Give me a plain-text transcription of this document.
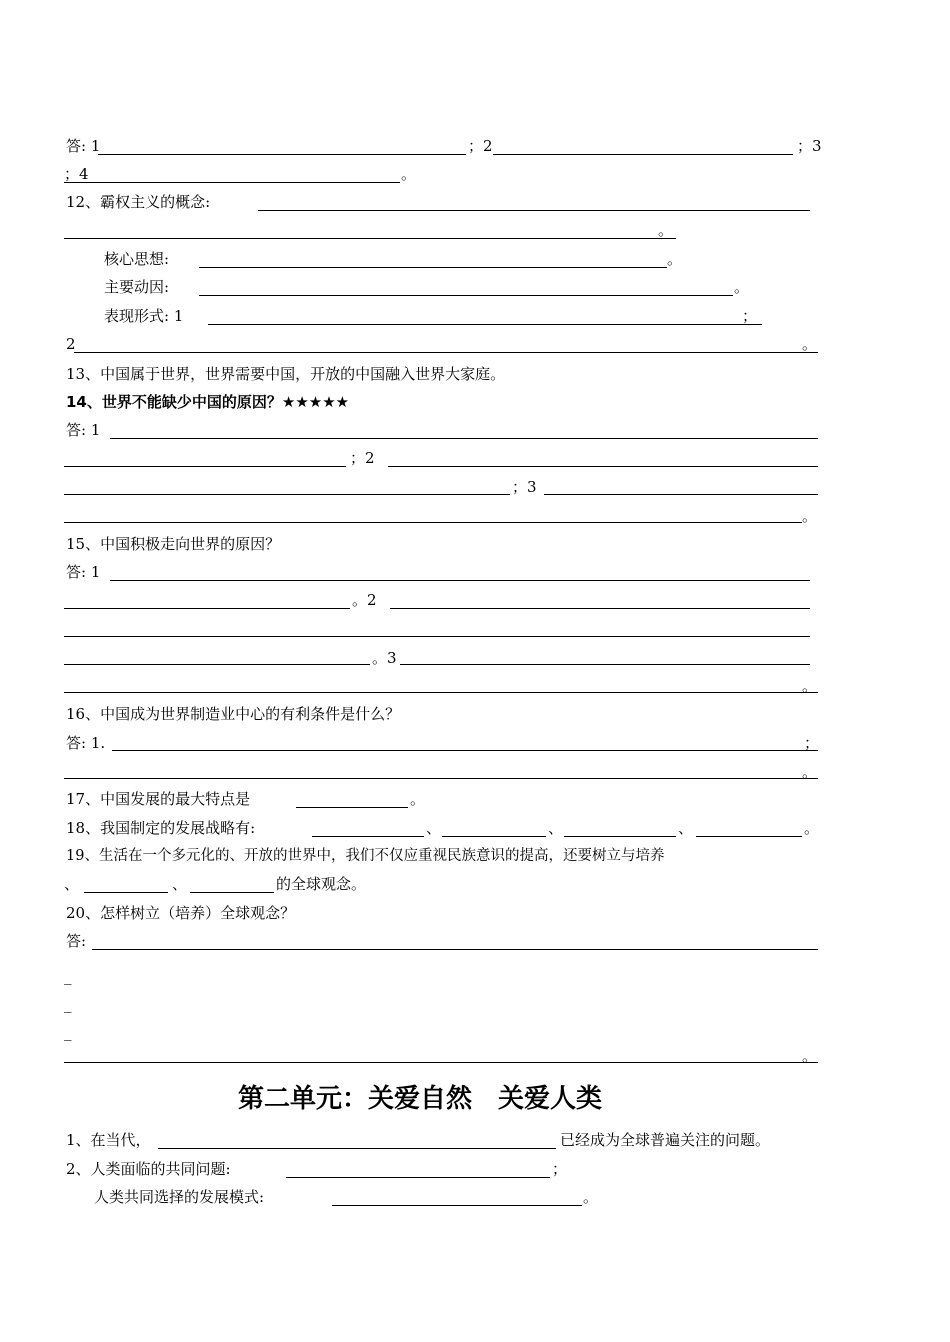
答: 1	；2	；3
；4	。
12、霸权主义的概念:
。
核心思想:	。
主要动因:	。
表现形式: 1	；
2	。
13、中国属于世界，世界需要中国，开放的中国融入世界大家庭。
14、世界不能缺少中国的原因？★★★★★
答: 1
；2
；3
。
15、中国积极走向世界的原因？
答: 1
。2
。3
。
16、中国成为世界制造业中心的有利条件是什么？
答: 1.	；
。
17、中国发展的最大特点是	。
18、我国制定的发展战略有:	、	、	、	。
19、生活在一个多元化的、开放的世界中，我们不仅应重视民族意识的提高，还要树立与培养
、	、	的全球观念。
20、怎样树立（培养）全球观念？
答:
_
_
_
。
第二单元：关爱自然　关爱人类
1、在当代，	已经成为全球普遍关注的问题。
2、人类面临的共同问题:	；
人类共同选择的发展模式:	。
